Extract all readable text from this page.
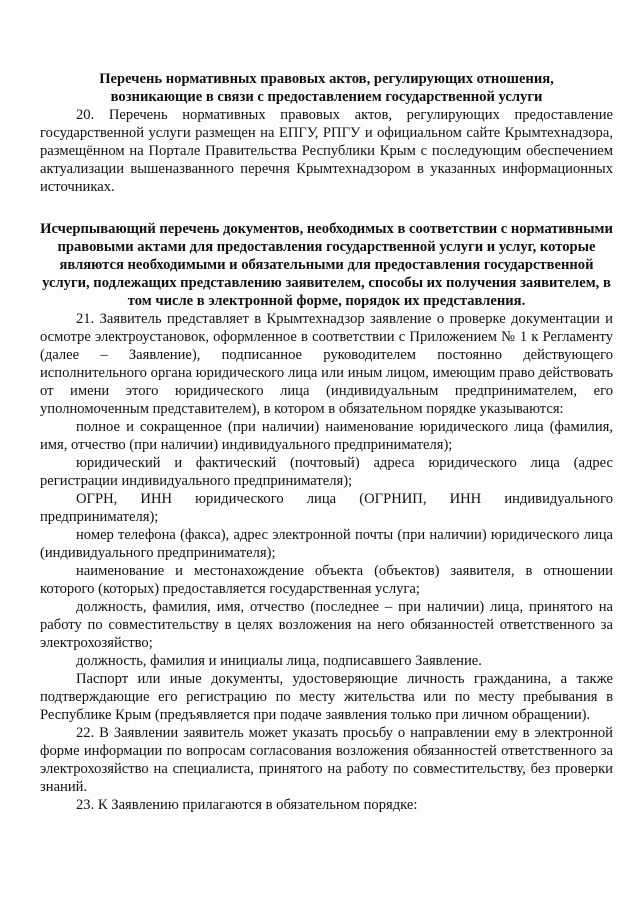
Перечень нормативных правовых актов, регулирующих отношения, возникающие в связи с предоставлением государственной услуги

20. Перечень нормативных правовых актов, регулирующих предоставление государственной услуги размещен на ЕПГУ, РПГУ и официальном сайте Крымтехнадзора, размещённом на Портале Правительства Республики Крым с последующим обеспечением актуализации вышеназванного перечня Крымтехнадзором в указанных информационных источниках.

Исчерпывающий перечень документов, необходимых в соответствии с нормативными правовыми актами для предоставления государственной услуги и услуг, которые являются необходимыми и обязательными для предоставления государственной услуги, подлежащих представлению заявителем, способы их получения заявителем, в том числе в электронной форме, порядок их представления.

21. Заявитель представляет в Крымтехнадзор заявление о проверке документации и осмотре электроустановок, оформленное в соответствии с Приложением № 1 к Регламенту (далее – Заявление), подписанное руководителем постоянно действующего исполнительного органа юридического лица или иным лицом, имеющим право действовать от имени этого юридического лица (индивидуальным предпринимателем, его уполномоченным представителем), в котором в обязательном порядке указываются:

полное и сокращенное (при наличии) наименование юридического лица (фамилия, имя, отчество (при наличии) индивидуального предпринимателя);

юридический и фактический (почтовый) адреса юридического лица (адрес регистрации индивидуального предпринимателя);

ОГРН, ИНН юридического лица (ОГРНИП, ИНН индивидуального предпринимателя);

номер телефона (факса), адрес электронной почты (при наличии) юридического лица (индивидуального предпринимателя);

наименование и местонахождение объекта (объектов) заявителя, в отношении которого (которых) предоставляется государственная услуга;

должность, фамилия, имя, отчество (последнее – при наличии) лица, принятого на работу по совместительству в целях возложения на него обязанностей ответственного за электрохозяйство;

должность, фамилия и инициалы лица, подписавшего Заявление.

Паспорт или иные документы, удостоверяющие личность гражданина, а также подтверждающие его регистрацию по месту жительства или по месту пребывания в Республике Крым (предъявляется при подаче заявления только при личном обращении).

22. В Заявлении заявитель может указать просьбу о направлении ему в электронной форме информации по вопросам согласования возложения обязанностей ответственного за электрохозяйство на специалиста, принятого на работу по совместительству, без проверки знаний.

23. К Заявлению прилагаются в обязательном порядке:
